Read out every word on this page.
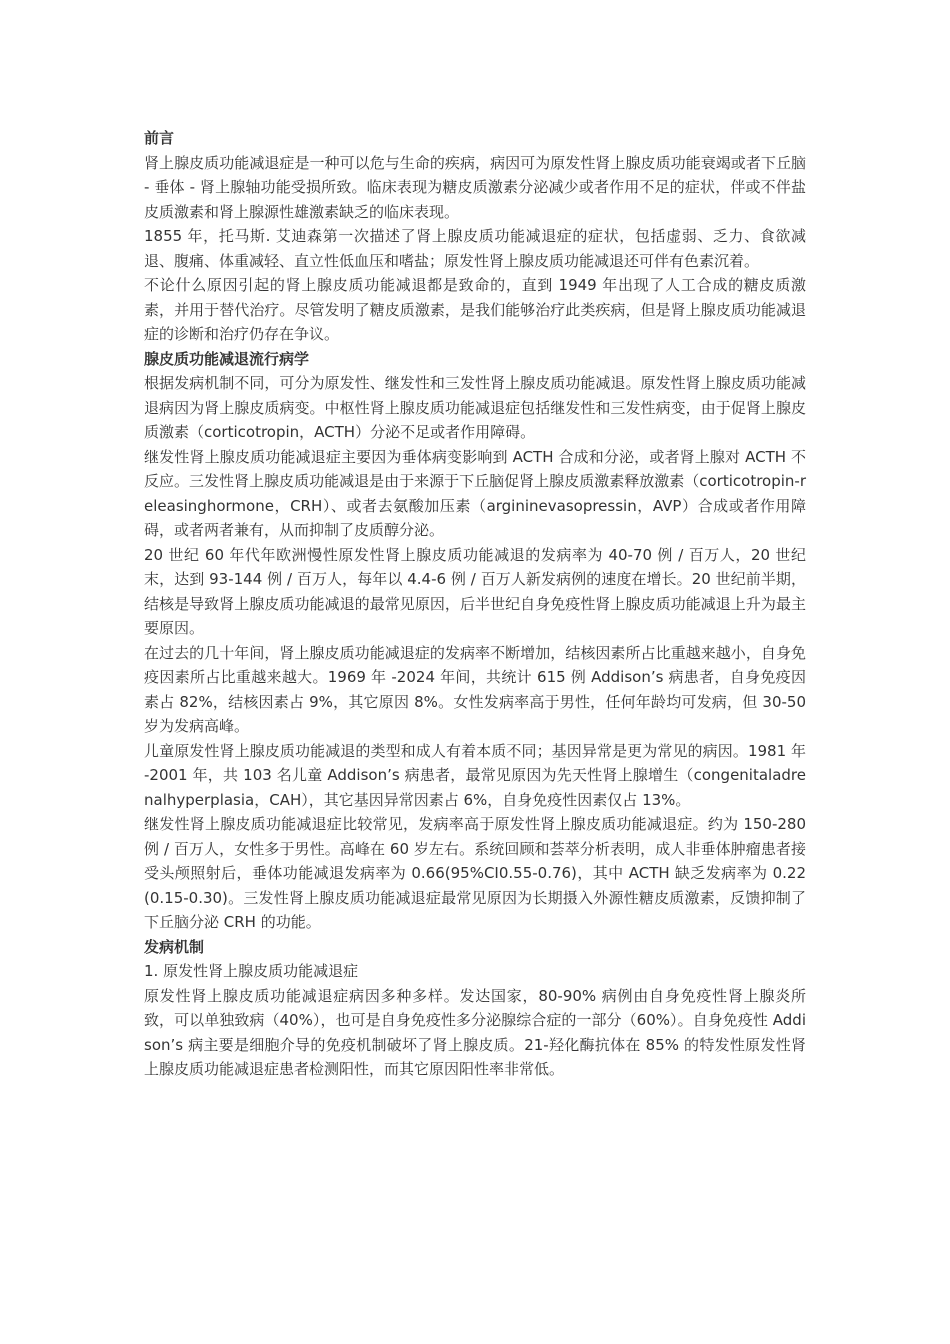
前言

肾上腺皮质功能减退症是一种可以危与生命的疾病，病因可为原发性肾上腺皮质功能衰竭或者下丘脑 - 垂体 - 肾上腺轴功能受损所致。临床表现为糖皮质激素分泌减少或者作用不足的症状，伴或不伴盐皮质激素和肾上腺源性雄激素缺乏的临床表现。

1855 年，托马斯. 艾迪森第一次描述了肾上腺皮质功能减退症的症状，包括虚弱、乏力、食欲减退、腹痛、体重减轻、直立性低血压和嗜盐；原发性肾上腺皮质功能减退还可伴有色素沉着。

不论什么原因引起的肾上腺皮质功能减退都是致命的，直到 1949 年出现了人工合成的糖皮质激素，并用于替代治疗。尽管发明了糖皮质激素，是我们能够治疗此类疾病，但是肾上腺皮质功能减退症的诊断和治疗仍存在争议。

腺皮质功能减退流行病学

根据发病机制不同，可分为原发性、继发性和三发性肾上腺皮质功能减退。原发性肾上腺皮质功能减退病因为肾上腺皮质病变。中枢性肾上腺皮质功能减退症包括继发性和三发性病变，由于促肾上腺皮质激素（corticotropin，ACTH）分泌不足或者作用障碍。

继发性肾上腺皮质功能减退症主要因为垂体病变影响到 ACTH 合成和分泌，或者肾上腺对 ACTH 不反应。三发性肾上腺皮质功能减退是由于来源于下丘脑促肾上腺皮质激素释放激素（corticotropin-releasinghormone，CRH）、或者去氨酸加压素（argininevasopressin，AVP）合成或者作用障碍，或者两者兼有，从而抑制了皮质醇分泌。

20 世纪 60 年代年欧洲慢性原发性肾上腺皮质功能减退的发病率为 40-70 例 / 百万人，20 世纪末，达到 93-144 例 / 百万人，每年以 4.4-6 例 / 百万人新发病例的速度在增长。20 世纪前半期，结核是导致肾上腺皮质功能减退的最常见原因，后半世纪自身免疫性肾上腺皮质功能减退上升为最主要原因。

在过去的几十年间，肾上腺皮质功能减退症的发病率不断增加，结核因素所占比重越来越小，自身免疫因素所占比重越来越大。1969 年 -2024 年间，共统计 615 例 Addison’s 病患者，自身免疫因素占 82%，结核因素占 9%，其它原因 8%。女性发病率高于男性，任何年龄均可发病，但 30-50 岁为发病高峰。

儿童原发性肾上腺皮质功能减退的类型和成人有着本质不同；基因异常是更为常见的病因。1981 年 -2001 年，共 103 名儿童 Addison’s 病患者，最常见原因为先天性肾上腺增生（congenitaladrenalhyperplasia，CAH），其它基因异常因素占 6%，自身免疫性因素仅占 13%。

继发性肾上腺皮质功能减退症比较常见，发病率高于原发性肾上腺皮质功能减退症。约为 150-280 例 / 百万人，女性多于男性。高峰在 60 岁左右。系统回顾和荟萃分析表明，成人非垂体肿瘤患者接受头颅照射后，垂体功能减退发病率为 0.66(95%CI0.55-0.76)，其中 ACTH 缺乏发病率为 0.22(0.15-0.30)。三发性肾上腺皮质功能减退症最常见原因为长期摄入外源性糖皮质激素，反馈抑制了下丘脑分泌 CRH 的功能。

发病机制
1. 原发性肾上腺皮质功能减退症

原发性肾上腺皮质功能减退症病因多种多样。发达国家，80-90% 病例由自身免疫性肾上腺炎所致，可以单独致病（40%），也可是自身免疫性多分泌腺综合症的一部分（60%）。自身免疫性 Addison’s 病主要是细胞介导的免疫机制破坏了肾上腺皮质。21-羟化酶抗体在 85% 的特发性原发性肾上腺皮质功能减退症患者检测阳性，而其它原因阳性率非常低。
